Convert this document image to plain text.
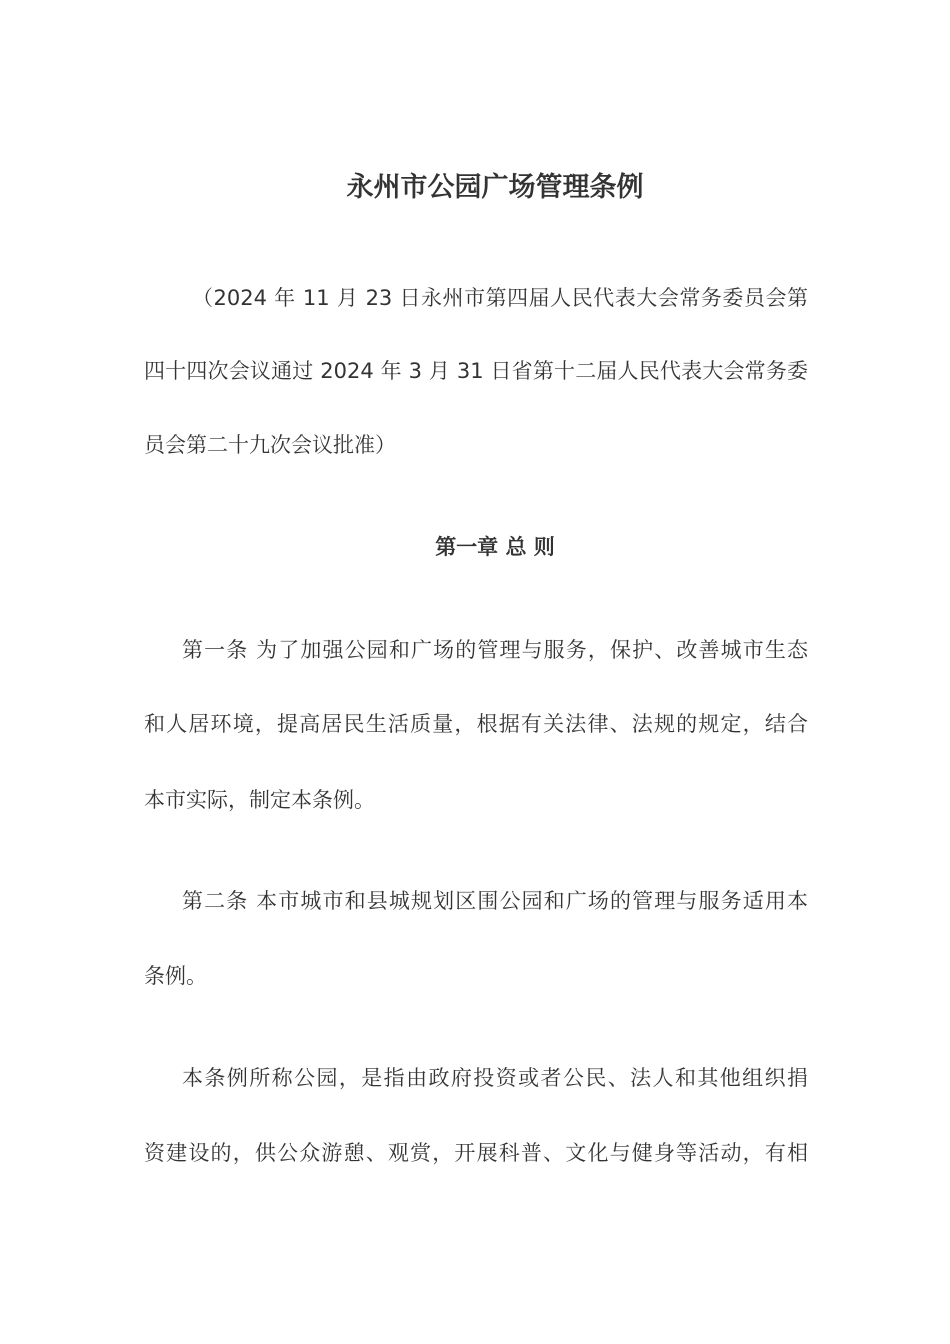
永州市公园广场管理条例

（2024 年 11 月 23 日永州市第四届人民代表大会常务委员会第

四十四次会议通过 2024 年 3 月 31 日省第十二届人民代表大会常务委

员会第二十九次会议批准）

第一章 总 则

第一条 为了加强公园和广场的管理与服务，保护、改善城市生态

和人居环境，提高居民生活质量，根据有关法律、法规的规定，结合

本市实际，制定本条例。

第二条 本市城市和县城规划区围公园和广场的管理与服务适用本

条例。

本条例所称公园，是指由政府投资或者公民、法人和其他组织捐

资建设的，供公众游憩、观赏，开展科普、文化与健身等活动，有相
